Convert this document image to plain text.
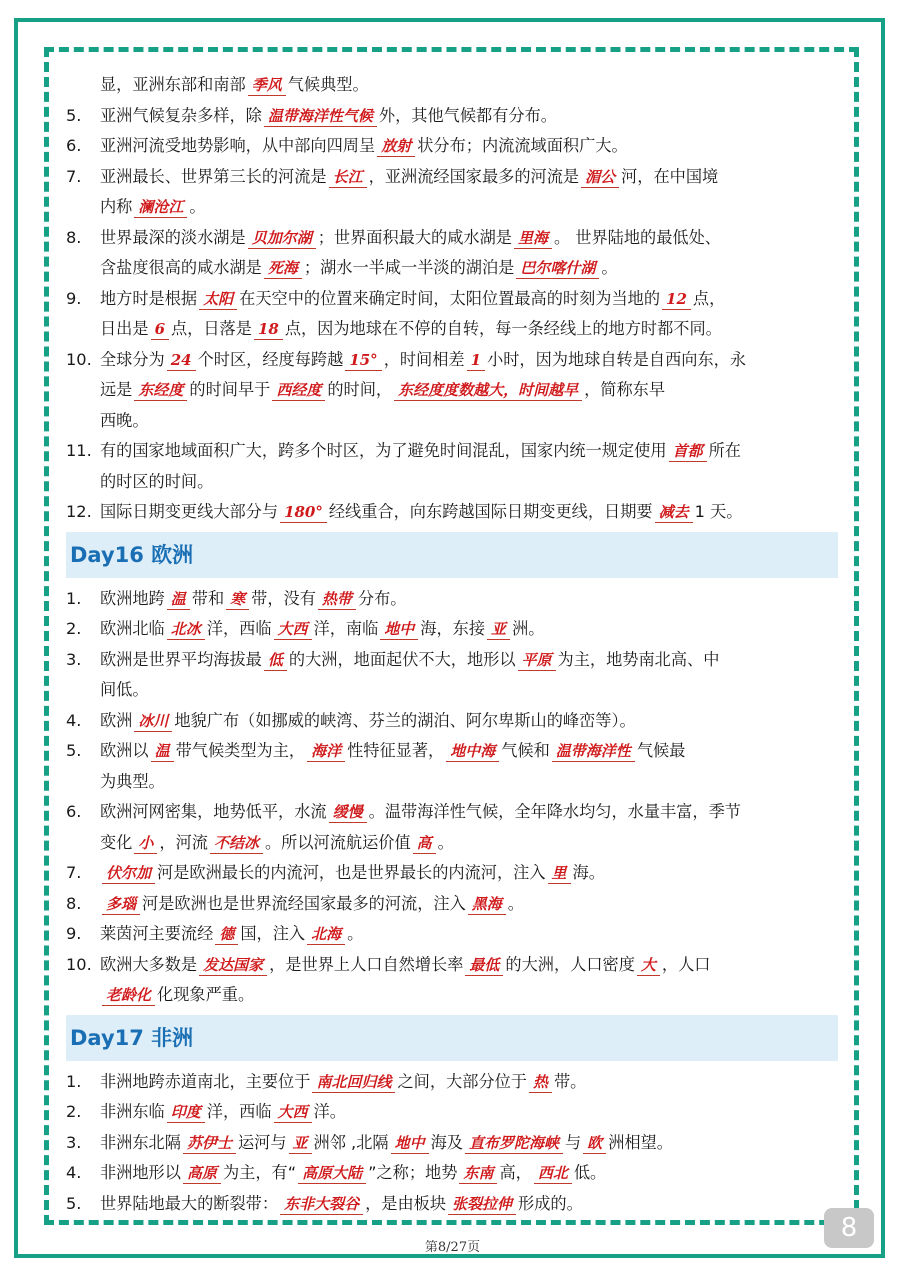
显，亚洲东部和南部 季风 气候典型。
5. 亚洲气候复杂多样，除 温带海洋性气候 外，其他气候都有分布。
6. 亚洲河流受地势影响，从中部向四周呈 放射 状分布；内流流域面积广大。
7. 亚洲最长、世界第三长的河流是 长江 ，亚洲流经国家最多的河流是 湄公 河，在中国境
内称 澜沧江 。
8. 世界最深的淡水湖是 贝加尔湖 ；世界面积最大的咸水湖是 里海 。 世界陆地的最低处、
含盐度很高的咸水湖是 死海 ；湖水一半咸一半淡的湖泊是 巴尔喀什湖 。
9. 地方时是根据 太阳 在天空中的位置来确定时间，太阳位置最高的时刻为当地的 12 点，
日出是 6 点，日落是 18 点，因为地球在不停的自转，每一条经线上的地方时都不同。
10. 全球分为 24 个时区，经度每跨越 15° ，时间相差 1 小时，因为地球自转是自西向东，永
远是 东经度 的时间早于 西经度 的时间， 东经度度数越大，时间越早 ，简称东早
西晚。
11. 有的国家地域面积广大，跨多个时区，为了避免时间混乱，国家内统一规定使用 首都 所在
的时区的时间。
12. 国际日期变更线大部分与 180° 经线重合，向东跨越国际日期变更线，日期要 减去 1 天。
Day16 欧洲
1. 欧洲地跨 温 带和 寒 带，没有 热带 分布。
2. 欧洲北临 北冰 洋，西临 大西 洋，南临 地中 海，东接 亚 洲。
3. 欧洲是世界平均海拔最 低 的大洲，地面起伏不大，地形以 平原 为主，地势南北高、中
间低。
4. 欧洲 冰川 地貌广布（如挪威的峡湾、芬兰的湖泊、阿尔卑斯山的峰峦等）。
5. 欧洲以 温 带气候类型为主， 海洋 性特征显著， 地中海 气候和 温带海洋性 气候最
为典型。
6. 欧洲河网密集，地势低平，水流 缓慢 。温带海洋性气候，全年降水均匀，水量丰富，季节
变化 小 ，河流 不结冰 。所以河流航运价值 高 。
7. 伏尔加 河是欧洲最长的内流河，也是世界最长的内流河，注入 里 海。
8. 多瑙 河是欧洲也是世界流经国家最多的河流，注入 黑海 。
9. 莱茵河主要流经 德 国，注入 北海 。
10. 欧洲大多数是 发达国家 ，是世界上人口自然增长率 最低 的大洲，人口密度 大 ，人口
老龄化 化现象严重。
Day17 非洲
1. 非洲地跨赤道南北，主要位于 南北回归线 之间，大部分位于 热 带。
2. 非洲东临 印度 洋，西临 大西 洋。
3. 非洲东北隔 苏伊士 运河与 亚 洲邻 ,北隔 地中 海及 直布罗陀海峡 与 欧 洲相望。
4. 非洲地形以 高原 为主，有“ 高原大陆 ”之称；地势 东南 高， 西北 低。
5. 世界陆地最大的断裂带： 东非大裂谷 ，是由板块 张裂拉伸 形成的。
8
第8/27页
